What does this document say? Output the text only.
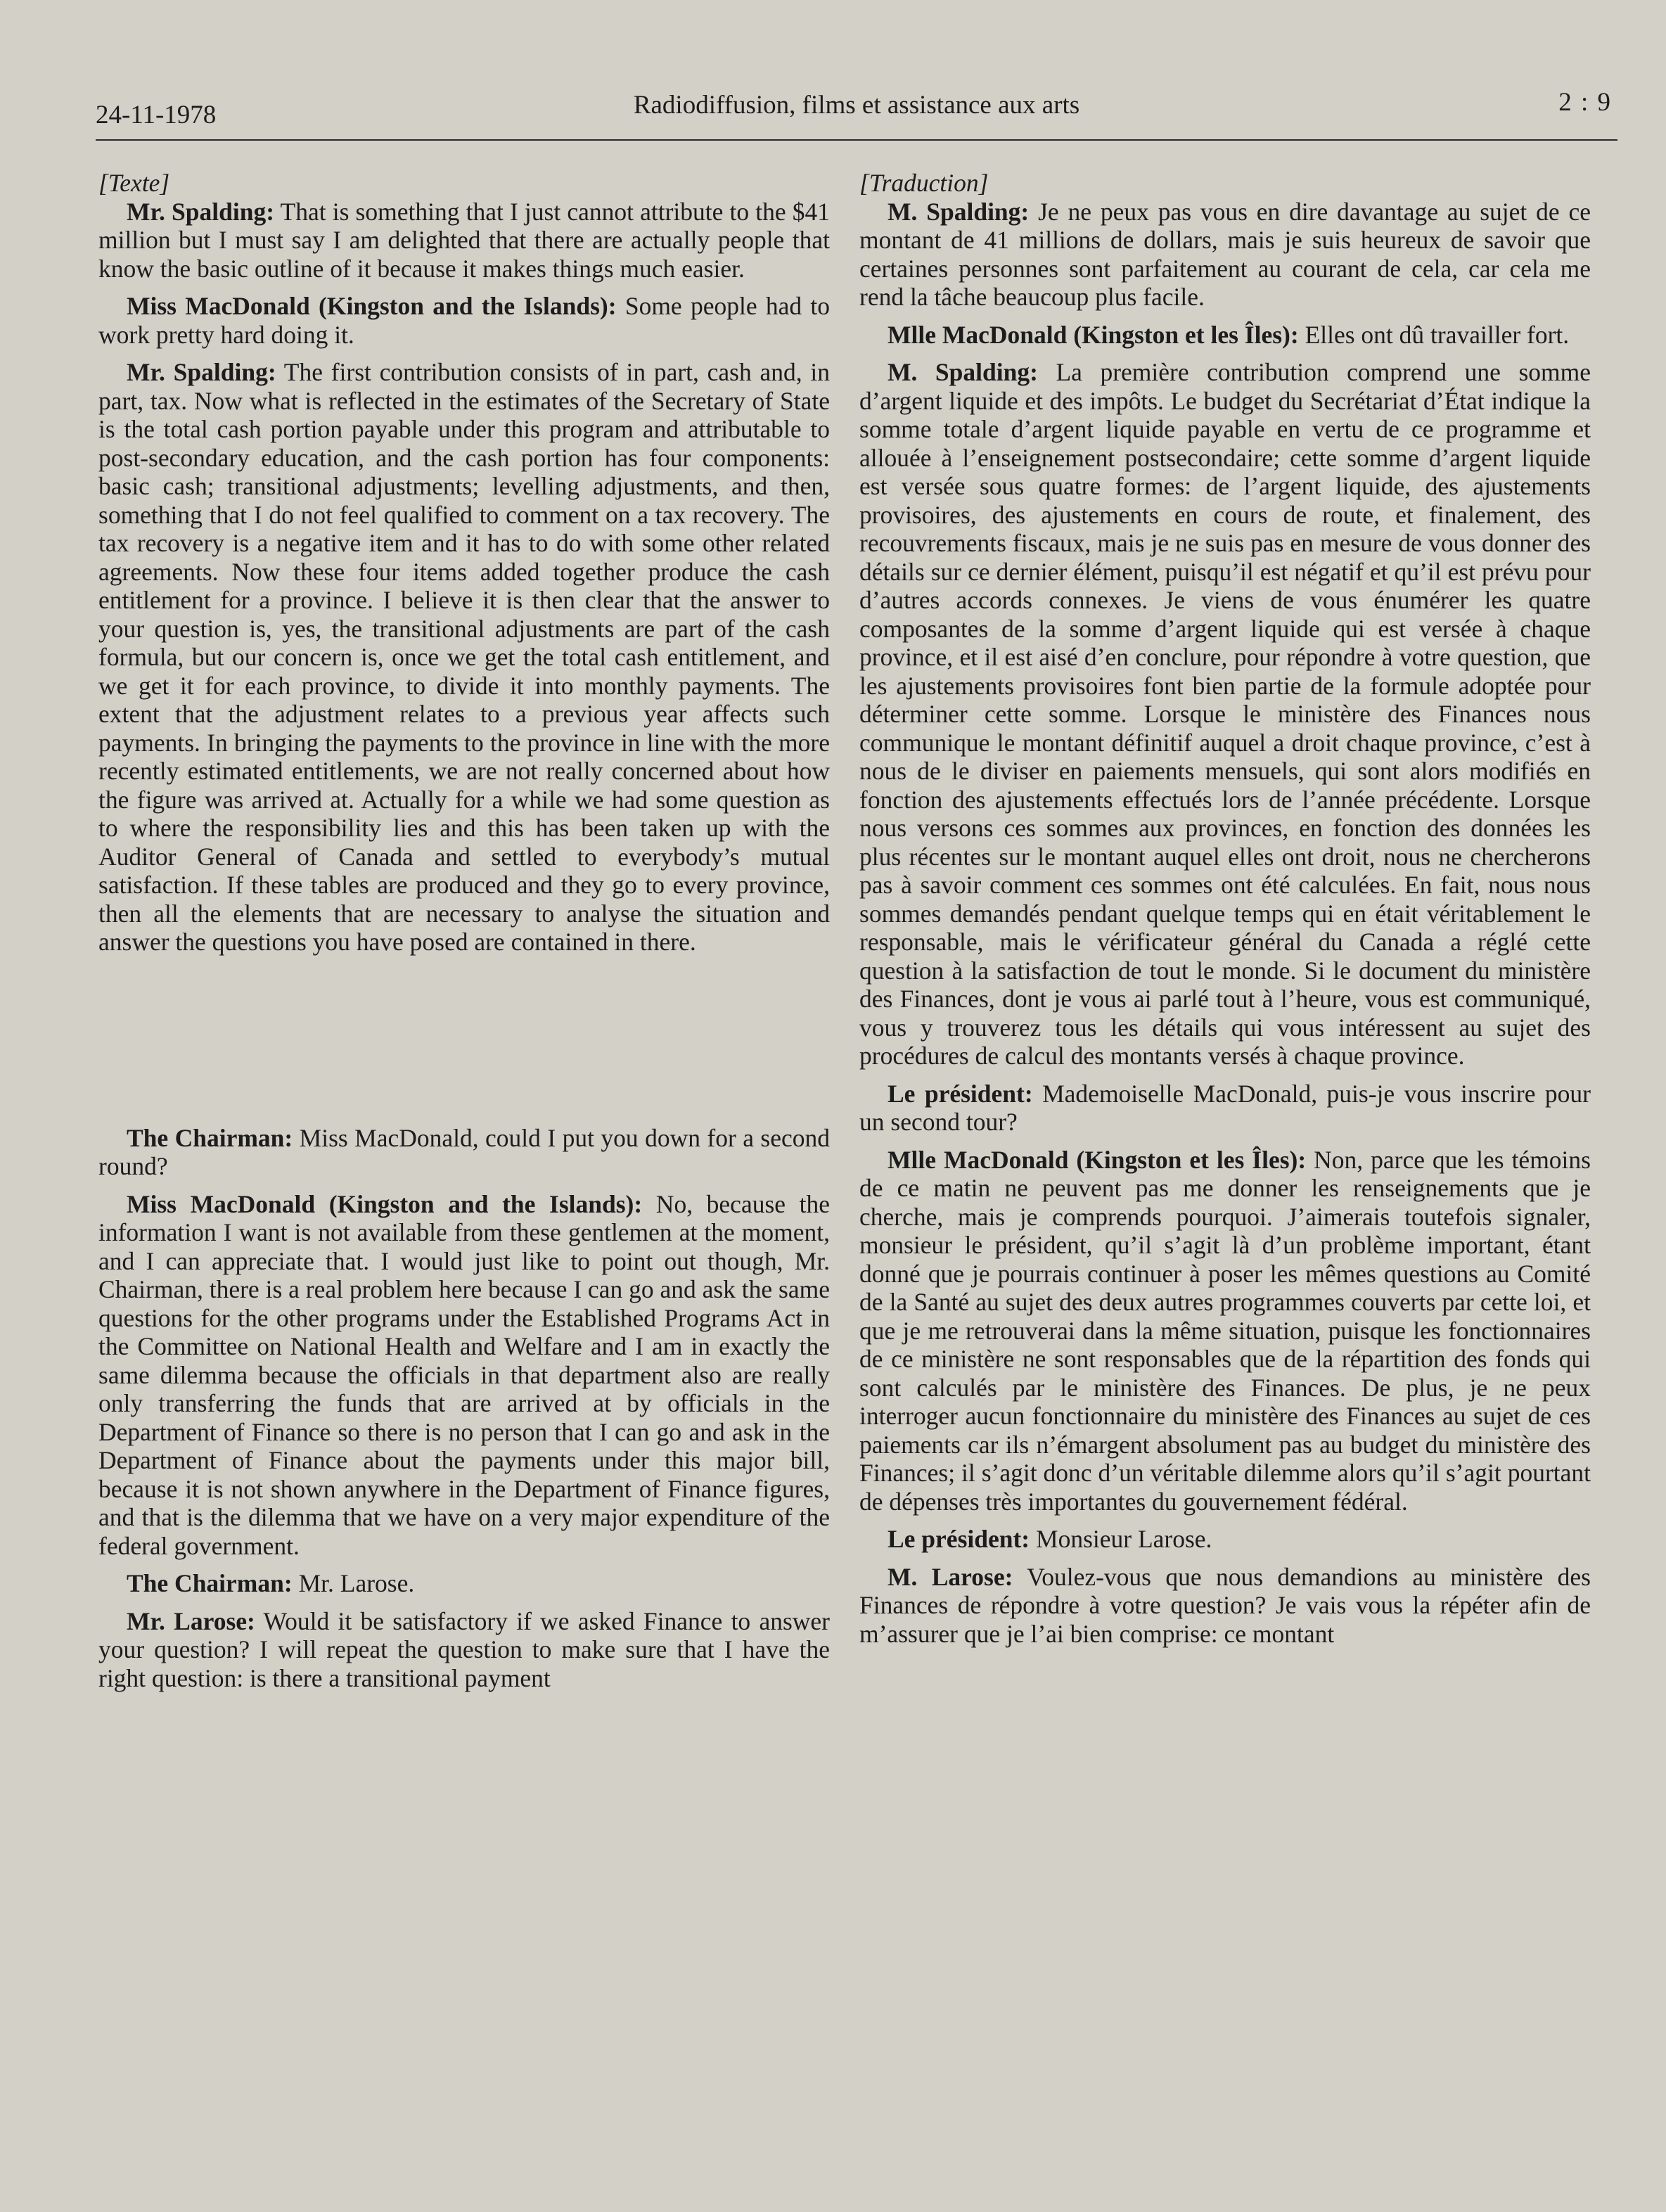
24-11-1978	Radiodiffusion, films et assistance aux arts	2 : 9

[Texte]

Mr. Spalding: That is something that I just cannot attribute to the $41 million but I must say I am delighted that there are actually people that know the basic outline of it because it makes things much easier.

Miss MacDonald (Kingston and the Islands): Some people had to work pretty hard doing it.

Mr. Spalding: The first contribution consists of in part, cash and, in part, tax. Now what is reflected in the estimates of the Secretary of State is the total cash portion payable under this program and attributable to post-secondary education, and the cash portion has four components: basic cash; transitional adjustments; levelling adjustments, and then, something that I do not feel qualified to comment on a tax recovery. The tax recovery is a negative item and it has to do with some other related agreements. Now these four items added together produce the cash entitlement for a province. I believe it is then clear that the answer to your question is, yes, the transitional adjustments are part of the cash formula, but our concern is, once we get the total cash entitlement, and we get it for each province, to divide it into monthly payments. The extent that the adjustment relates to a previous year affects such payments. In bringing the payments to the province in line with the more recently estimated entitlements, we are not really concerned about how the figure was arrived at. Actually for a while we had some question as to where the responsibility lies and this has been taken up with the Auditor General of Canada and settled to everybody’s mutual satisfaction. If these tables are produced and they go to every province, then all the elements that are necessary to analyse the situation and answer the questions you have posed are contained in there.

The Chairman: Miss MacDonald, could I put you down for a second round?

Miss MacDonald (Kingston and the Islands): No, because the information I want is not available from these gentlemen at the moment, and I can appreciate that. I would just like to point out though, Mr. Chairman, there is a real problem here because I can go and ask the same questions for the other programs under the Established Programs Act in the Committee on National Health and Welfare and I am in exactly the same dilemma because the officials in that department also are really only transferring the funds that are arrived at by officials in the Department of Finance so there is no person that I can go and ask in the Department of Finance about the payments under this major bill, because it is not shown anywhere in the Department of Finance figures, and that is the dilemma that we have on a very major expenditure of the federal government.

The Chairman: Mr. Larose.

Mr. Larose: Would it be satisfactory if we asked Finance to answer your question? I will repeat the question to make sure that I have the right question: is there a transitional payment

[Traduction]

M. Spalding: Je ne peux pas vous en dire davantage au sujet de ce montant de 41 millions de dollars, mais je suis heureux de savoir que certaines personnes sont parfaitement au courant de cela, car cela me rend la tâche beaucoup plus facile.

Mlle MacDonald (Kingston et les Îles): Elles ont dû travailler fort.

M. Spalding: La première contribution comprend une somme d’argent liquide et des impôts. Le budget du Secrétariat d’État indique la somme totale d’argent liquide payable en vertu de ce programme et allouée à l’enseignement postsecondaire; cette somme d’argent liquide est versée sous quatre formes: de l’argent liquide, des ajustements provisoires, des ajustements en cours de route, et finalement, des recouvrements fiscaux, mais je ne suis pas en mesure de vous donner des détails sur ce dernier élément, puisqu’il est négatif et qu’il est prévu pour d’autres accords connexes. Je viens de vous énumérer les quatre composantes de la somme d’argent liquide qui est versée à chaque province, et il est aisé d’en conclure, pour répondre à votre question, que les ajustements provisoires font bien partie de la formule adoptée pour déterminer cette somme. Lorsque le ministère des Finances nous communique le montant définitif auquel a droit chaque province, c’est à nous de le diviser en paiements mensuels, qui sont alors modifiés en fonction des ajustements effectués lors de l’année précédente. Lorsque nous versons ces sommes aux provinces, en fonction des données les plus récentes sur le montant auquel elles ont droit, nous ne chercherons pas à savoir comment ces sommes ont été calculées. En fait, nous nous sommes demandés pendant quelque temps qui en était véritablement le responsable, mais le vérificateur général du Canada a réglé cette question à la satisfaction de tout le monde. Si le document du ministère des Finances, dont je vous ai parlé tout à l’heure, vous est communiqué, vous y trouverez tous les détails qui vous intéressent au sujet des procédures de calcul des montants versés à chaque province.

Le président: Mademoiselle MacDonald, puis-je vous inscrire pour un second tour?

Mlle MacDonald (Kingston et les Îles): Non, parce que les témoins de ce matin ne peuvent pas me donner les renseignements que je cherche, mais je comprends pourquoi. J’aimerais toutefois signaler, monsieur le président, qu’il s’agit là d’un problème important, étant donné que je pourrais continuer à poser les mêmes questions au Comité de la Santé au sujet des deux autres programmes couverts par cette loi, et que je me retrouverai dans la même situation, puisque les fonctionnaires de ce ministère ne sont responsables que de la répartition des fonds qui sont calculés par le ministère des Finances. De plus, je ne peux interroger aucun fonctionnaire du ministère des Finances au sujet de ces paiements car ils n’émargent absolument pas au budget du ministère des Finances; il s’agit donc d’un véritable dilemme alors qu’il s’agit pourtant de dépenses très importantes du gouvernement fédéral.

Le président: Monsieur Larose.

M. Larose: Voulez-vous que nous demandions au ministère des Finances de répondre à votre question? Je vais vous la répéter afin de m’assurer que je l’ai bien comprise: ce montant
